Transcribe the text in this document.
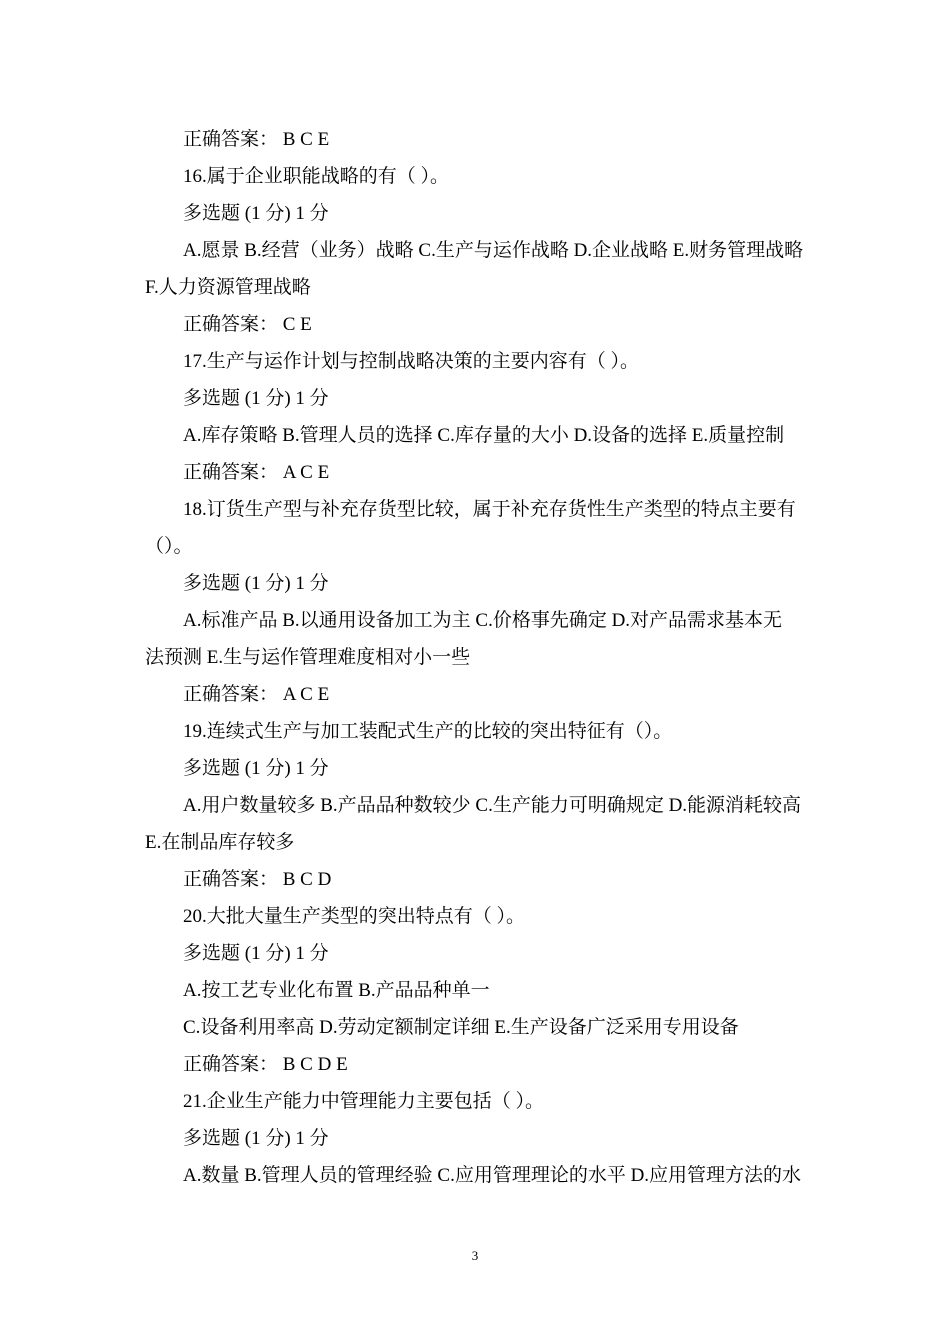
正确答案： B C E
16.属于企业职能战略的有（ ）。
多选题 (1 分) 1 分
A.愿景 B.经营（业务）战略 C.生产与运作战略 D.企业战略 E.财务管理战略
F.人力资源管理战略
正确答案： C E
17.生产与运作计划与控制战略决策的主要内容有（ ）。
多选题 (1 分) 1 分
A.库存策略 B.管理人员的选择 C.库存量的大小 D.设备的选择 E.质量控制
正确答案： A C E
18.订货生产型与补充存货型比较，属于补充存货性生产类型的特点主要有
（）。
多选题 (1 分) 1 分
A.标准产品 B.以通用设备加工为主 C.价格事先确定 D.对产品需求基本无
法预测 E.生与运作管理难度相对小一些
正确答案： A C E
19.连续式生产与加工装配式生产的比较的突出特征有（）。
多选题 (1 分) 1 分
A.用户数量较多 B.产品品种数较少 C.生产能力可明确规定 D.能源消耗较高
E.在制品库存较多
正确答案： B C D
20.大批大量生产类型的突出特点有（ ）。
多选题 (1 分) 1 分
A.按工艺专业化布置 B.产品品种单一
C.设备利用率高 D.劳动定额制定详细 E.生产设备广泛采用专用设备
正确答案： B C D E
21.企业生产能力中管理能力主要包括（ ）。
多选题 (1 分) 1 分
A.数量 B.管理人员的管理经验 C.应用管理理论的水平 D.应用管理方法的水
3
